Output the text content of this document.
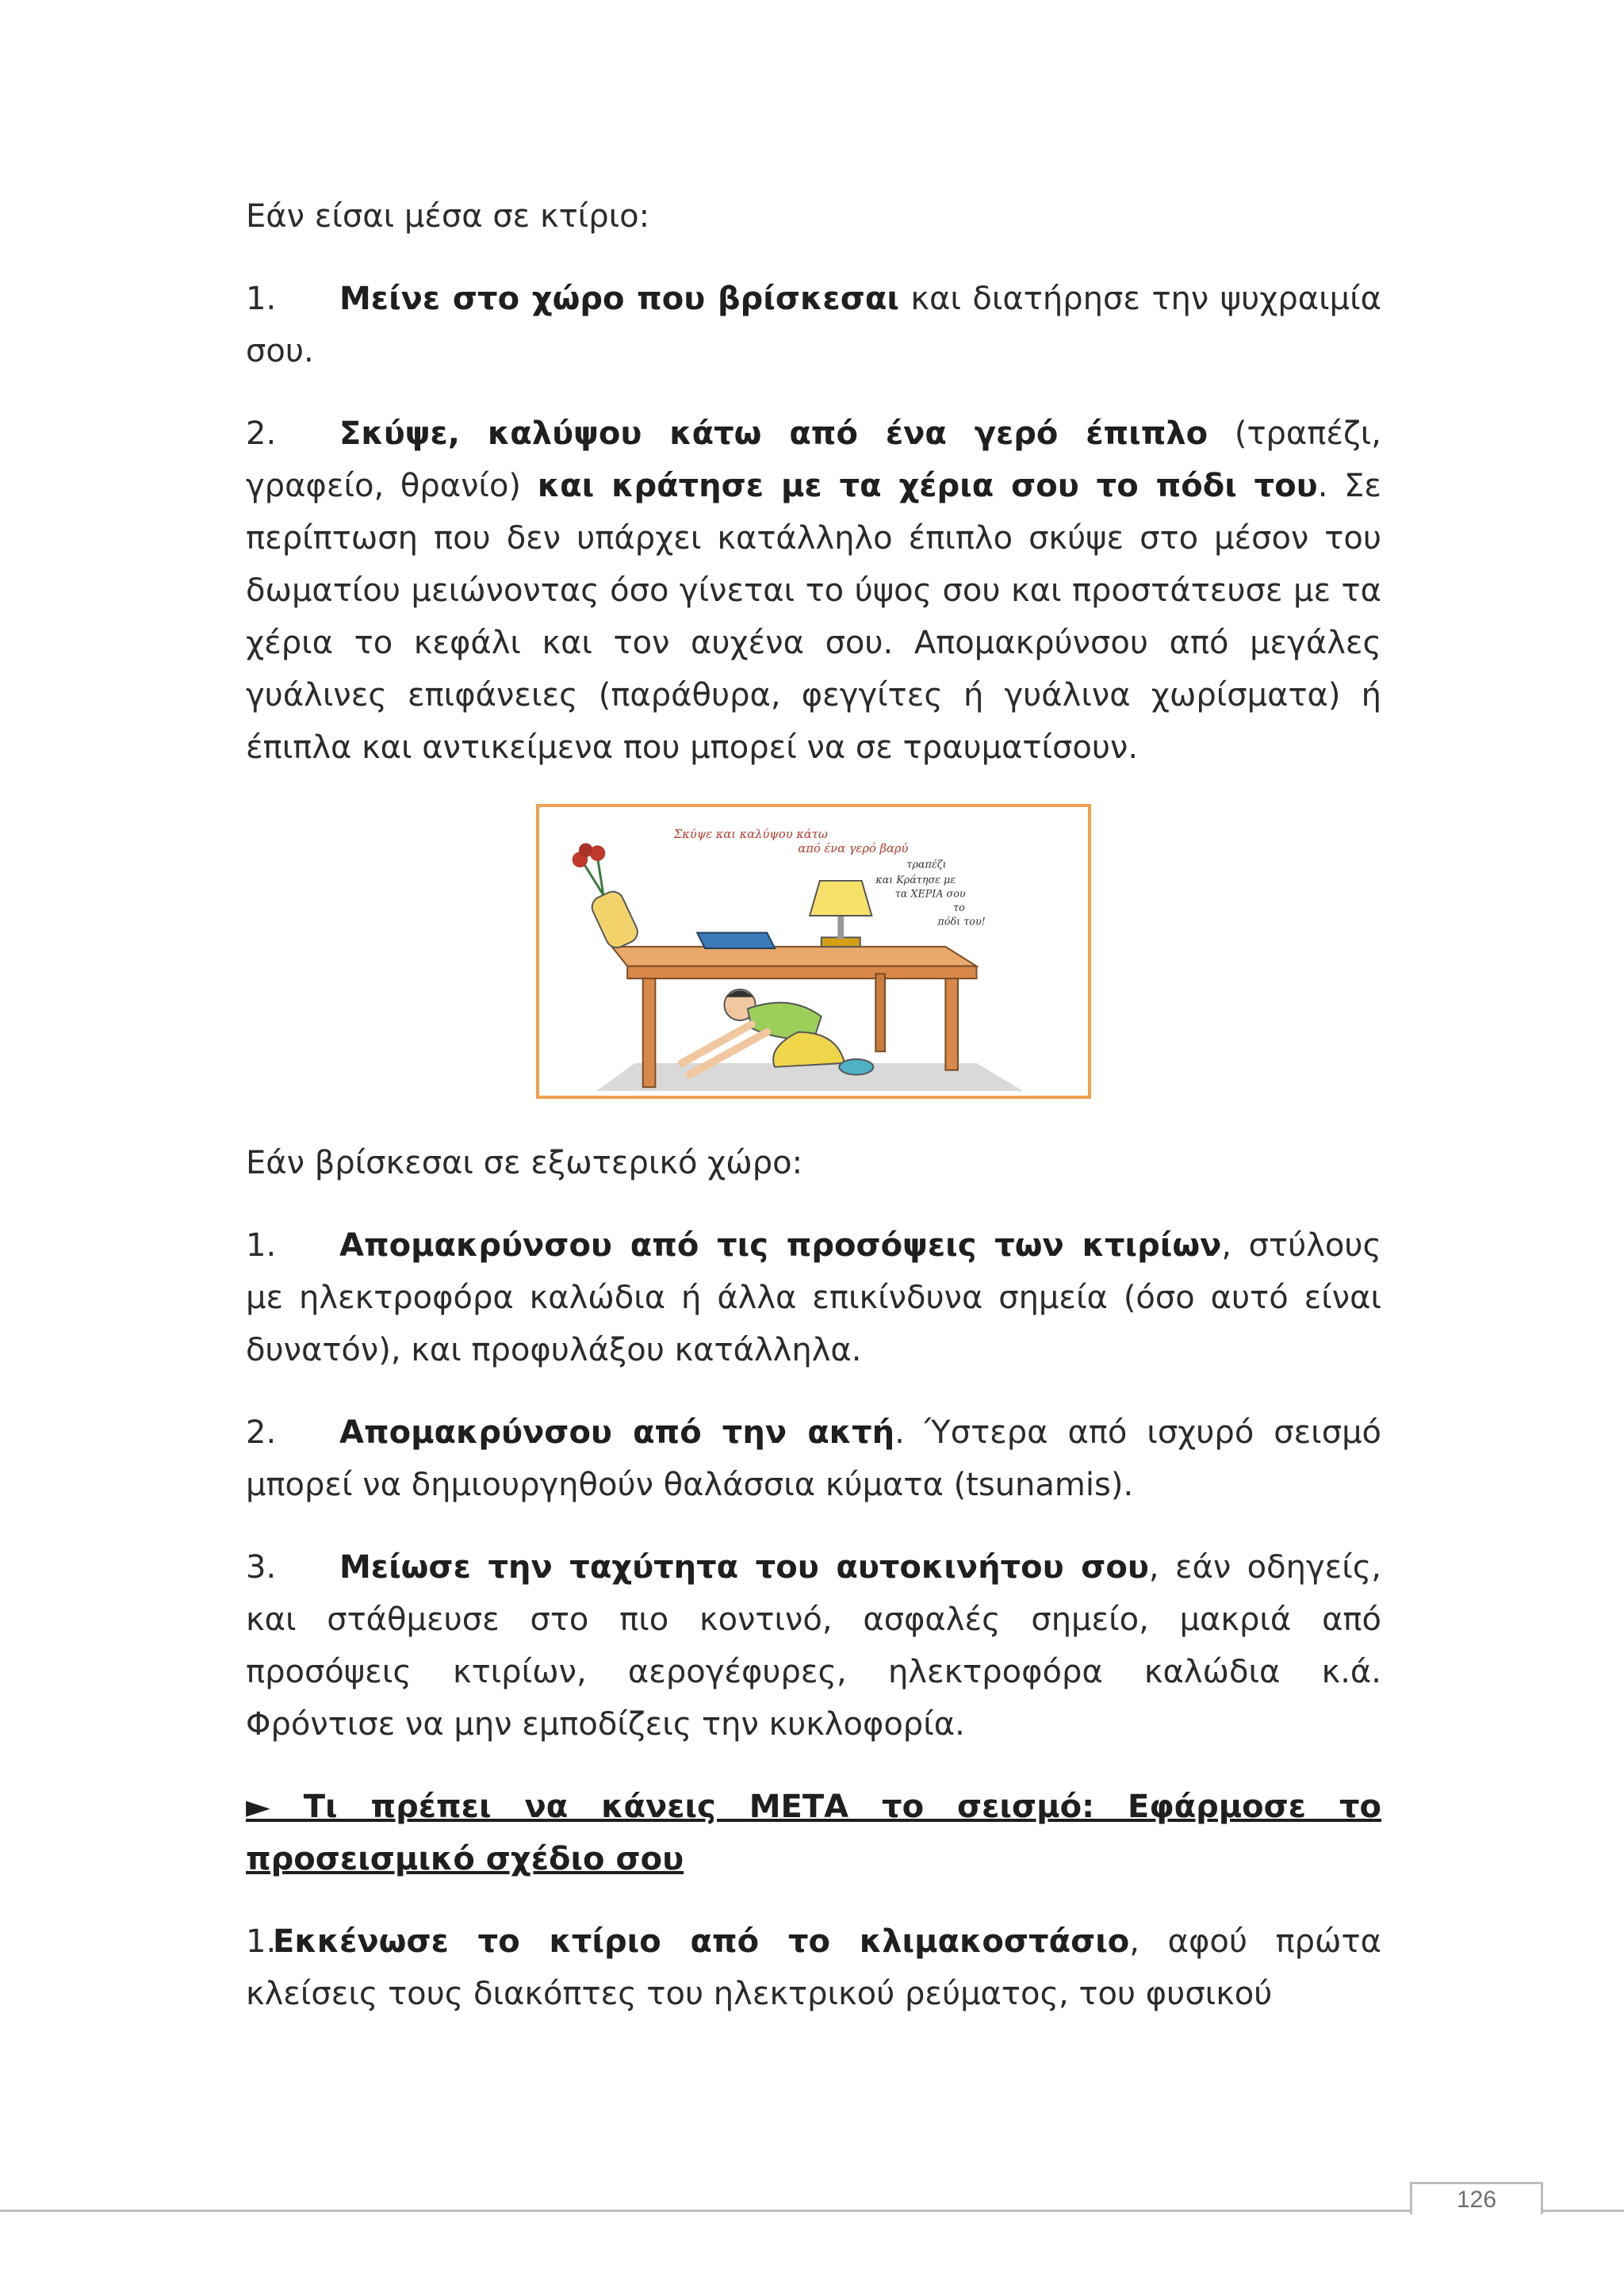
Εάν είσαι μέσα σε κτίριο:

1. Μείνε στο χώρο που βρίσκεσαι και διατήρησε την ψυχραιμία σου.

2. Σκύψε, καλύψου κάτω από ένα γερό έπιπλο (τραπέζι, γραφείο, θρανίο) και κράτησε με τα χέρια σου το πόδι του. Σε περίπτωση που δεν υπάρχει κατάλληλο έπιπλο σκύψε στο μέσον του δωματίου μειώνοντας όσο γίνεται το ύψος σου και προστάτευσε με τα χέρια το κεφάλι και τον αυχένα σου. Απομακρύνσου από μεγάλες γυάλινες επιφάνειες (παράθυρα, φεγγίτες ή γυάλινα χωρίσματα) ή έπιπλα και αντικείμενα που μπορεί να σε τραυματίσουν.

Σκύψε και καλύψου κάτω
από ένα γερό βαρύ
τραπέζι
και Κράτησε με
τα ΧΕΡΙΑ σου
το
πόδι του!

Εάν βρίσκεσαι σε εξωτερικό χώρο:

1. Απομακρύνσου από τις προσόψεις των κτιρίων, στύλους με ηλεκτροφόρα καλώδια ή άλλα επικίνδυνα σημεία (όσο αυτό είναι δυνατόν), και προφυλάξου κατάλληλα.

2. Απομακρύνσου από την ακτή. Ύστερα από ισχυρό σεισμό μπορεί να δημιουργηθούν θαλάσσια κύματα (tsunamis).

3. Μείωσε την ταχύτητα του αυτοκινήτου σου, εάν οδηγείς, και στάθμευσε στο πιο κοντινό, ασφαλές σημείο, μακριά από προσόψεις κτιρίων, αερογέφυρες, ηλεκτροφόρα καλώδια κ.ά. Φρόντισε να μην εμποδίζεις την κυκλοφορία.

► Τι πρέπει να κάνεις ΜΕΤΑ το σεισμό: Εφάρμοσε το προσεισμικό σχέδιο σου

1.Εκκένωσε το κτίριο από το κλιμακοστάσιο, αφού πρώτα κλείσεις τους διακόπτες του ηλεκτρικού ρεύματος, του φυσικού

126
